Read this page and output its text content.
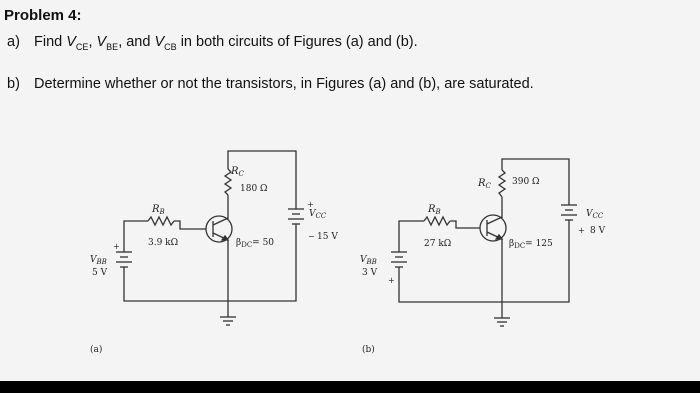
Problem 4:
a) Find $V_{CE}$, $V_{BE}$, and $V_{CB}$ in both circuits of Figures (a) and (b).
b) Determine whether or not the transistors, in Figures (a) and (b), are saturated.
$R_C$
180 Ω
$R_B$
3.9 kΩ	$\beta_{DC}= 50$
$V_{BB}$
5 V
+
$V_{CC}$
15 V
+
−
(a)
$R_C$ 390 Ω
$R_B$
27 kΩ	$\beta_{DC}= 125$
$V_{BB}$
3 V
+
$V_{CC}$
8 V
+
(b)
